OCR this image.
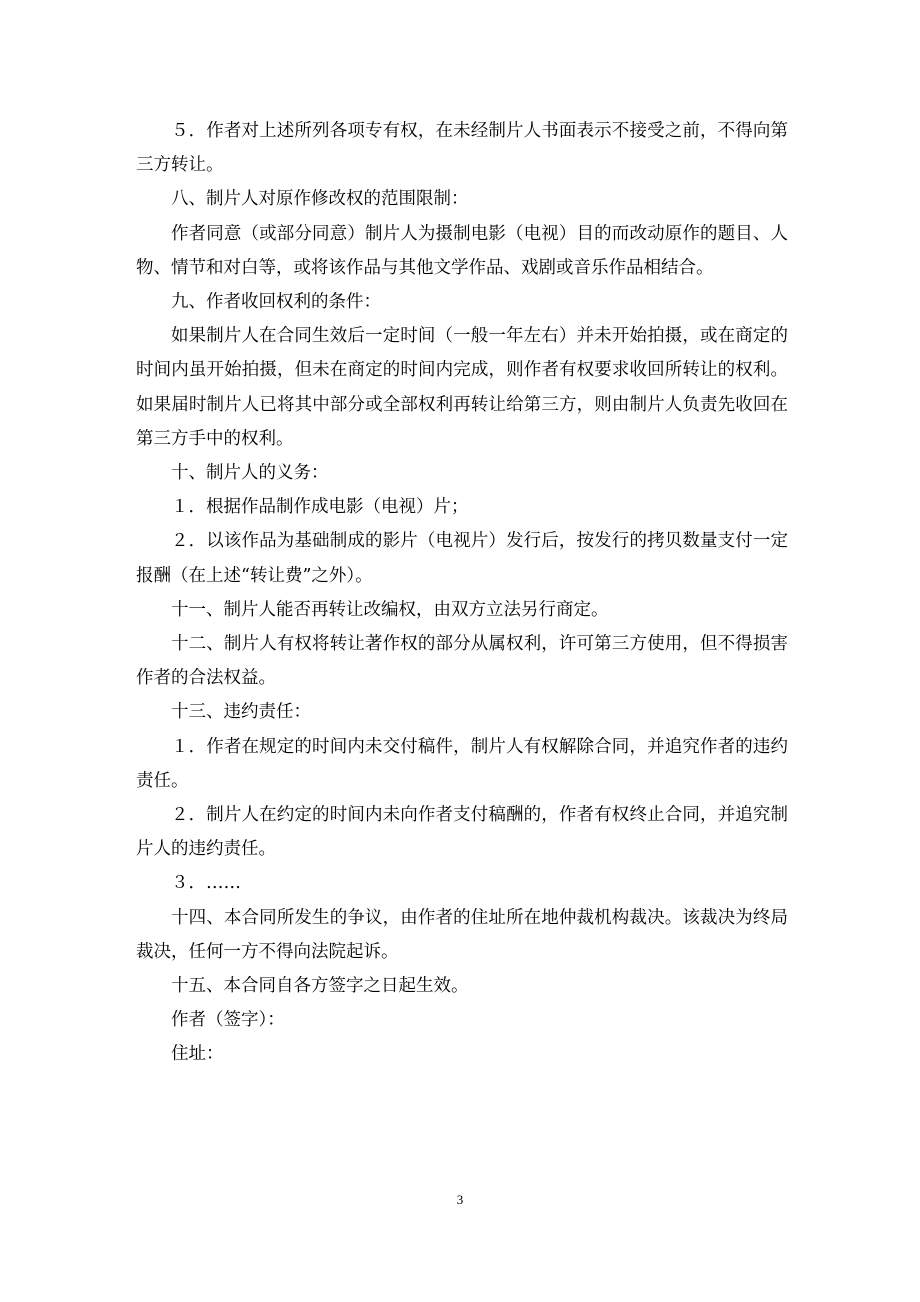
５．作者对上述所列各项专有权，在未经制片人书面表示不接受之前，不得向第三方转让。

八、制片人对原作修改权的范围限制：

作者同意（或部分同意）制片人为摄制电影（电视）目的而改动原作的题目、人物、情节和对白等，或将该作品与其他文学作品、戏剧或音乐作品相结合。

九、作者收回权利的条件：

如果制片人在合同生效后一定时间（一般一年左右）并未开始拍摄，或在商定的时间内虽开始拍摄，但未在商定的时间内完成，则作者有权要求收回所转让的权利。如果届时制片人已将其中部分或全部权利再转让给第三方，则由制片人负责先收回在第三方手中的权利。

十、制片人的义务：

１．根据作品制作成电影（电视）片；

２．以该作品为基础制成的影片（电视片）发行后，按发行的拷贝数量支付一定报酬（在上述“转让费”之外）。

十一、制片人能否再转让改编权，由双方立法另行商定。

十二、制片人有权将转让著作权的部分从属权利，许可第三方使用，但不得损害作者的合法权益。

十三、违约责任：

１．作者在规定的时间内未交付稿件，制片人有权解除合同，并追究作者的违约责任。

２．制片人在约定的时间内未向作者支付稿酬的，作者有权终止合同，并追究制片人的违约责任。

３．……

十四、本合同所发生的争议，由作者的住址所在地仲裁机构裁决。该裁决为终局裁决，任何一方不得向法院起诉。

十五、本合同自各方签字之日起生效。

作者（签字）：

住址：

3
